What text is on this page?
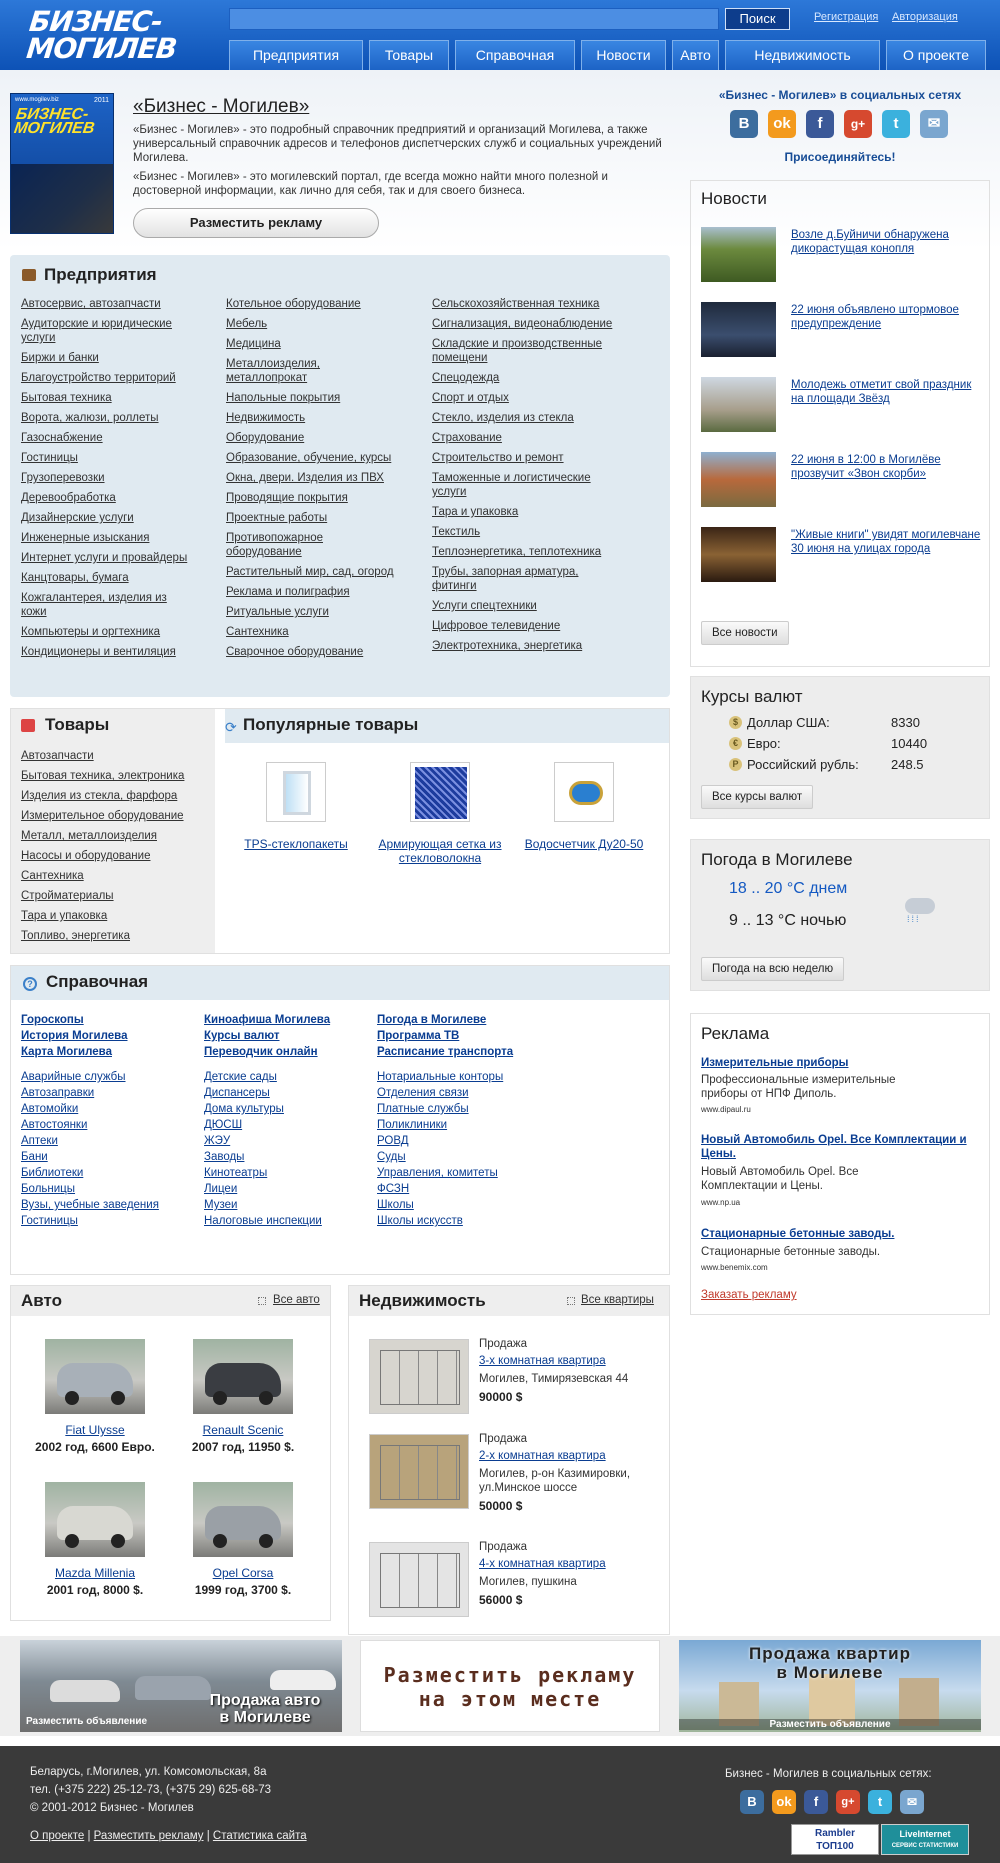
БИЗНЕС-
МОГИЛЕВ
Поиск	Регистрация Авторизация
Предприятия	Товары	Справочная	Новости	Авто	Недвижимость	О проекте
2011
www.mogilev.biz
БИЗНЕС-
МОГИЛЕВ
«Бизнес - Могилев»
«Бизнес - Могилев» - это подробный справочник предприятий и организаций Могилева, а также универсальный справочник адресов и телефонов диспетчерских служб и социальных учреждений Могилева.
«Бизнес - Могилев» - это могилевский портал, где всегда можно найти много полезной и достоверной информации, как лично для себя, так и для своего бизнеса.
Разместить рекламу
«Бизнес - Могилев» в социальных сетях
В	ok	f	g+	t	✉
Присоединяйтесь!
Предприятия
Автосервис, автозапчасти
Аудиторские и юридические услуги
Биржи и банки
Благоустройство территорий
Бытовая техника
Ворота, жалюзи, роллеты
Газоснабжение
Гостиницы
Грузоперевозки
Деревообработка
Дизайнерские услуги
Инженерные изыскания
Интернет услуги и провайдеры
Канцтовары, бумага
Кожгалантерея, изделия из кожи
Компьютеры и оргтехника
Кондиционеры и вентиляция
Котельное оборудование
Мебель
Медицина
Металлоизделия, металлопрокат
Напольные покрытия
Недвижимость
Оборудование
Образование, обучение, курсы
Окна, двери. Изделия из ПВХ
Проводящие покрытия
Проектные работы
Противопожарное оборудование
Растительный мир, сад, огород
Реклама и полиграфия
Ритуальные услуги
Сантехника
Сварочное оборудование
Сельскохозяйственная техника
Сигнализация, видеонаблюдение
Складские и производственные помещени
Спецодежда
Спорт и отдых
Стекло, изделия из стекла
Страхование
Строительство и ремонт
Таможенные и логистические услуги
Тара и упаковка
Текстиль
Теплоэнергетика, теплотехника
Трубы, запорная арматура, фитинги
Услуги спецтехники
Цифровое телевидение
Электротехника, энергетика
Товары
Автозапчасти
Бытовая техника, электроника
Изделия из стекла, фарфора
Измерительное оборудование
Металл, металлоизделия
Насосы и оборудование
Сантехника
Стройматериалы
Тара и упаковка
Топливо, энергетика
⟳ Популярные товары
TPS-стеклопакеты	Армирующая сетка из стекловолокна
Водосчетчик Ду20-50
? Справочная
Гороскопы
История Могилева
Карта Могилева
Киноафиша Могилева
Курсы валют
Переводчик онлайн
Погода в Могилеве
Программа ТВ
Расписание транспорта
Аварийные службы
Автозаправки
Автомойки
Автостоянки
Аптеки
Бани
Библиотеки
Больницы
Вузы, учебные заведения
Гостиницы
Детские сады
Диспансеры
Дома культуры
ДЮСШ
ЖЭУ
Заводы
Кинотеатры
Лицеи
Музеи
Налоговые инспекции
Нотариальные конторы
Отделения связи
Платные службы
Поликлиники
РОВД
Суды
Управления, комитеты
ФСЗН
Школы
Школы искусств
Авто	Все авто
Fiat Ulysse
2002 год, 6600 Евро.
Renault Scenic
2007 год, 11950 $.
Mazda Millenia
2001 год, 8000 $.
Opel Corsa
1999 год, 3700 $.
Недвижимость	Все квартиры
Продажа
3-х комнатная квартира
Могилев, Тимирязевская 44
90000 $
Продажа
2-х комнатная квартира
Могилев, р-он Казимировки, ул.Минское шоссе
50000 $
Продажа
4-х комнатная квартира
Могилев, пушкина
56000 $
Новости
Возле д.Буйничи обнаружена дикорастущая конопля
22 июня объявлено штормовое предупреждение
Молодежь отметит свой праздник на площади Звёзд
22 июня в 12:00 в Могилёве прозвучит «Звон скорби»
"Живые книги" увидят могилевчане 30 июня на улицах города
Все новости
Курсы валют
$ Доллар США:	8330
€ Евро:	10440
P Российский рубль: 248.5
Все курсы валют
Погода в Могилеве
18 .. 20 °C днем
9 .. 13 °C ночью	⁞⁞⁞
Погода на всю неделю
Реклама
Измерительные приборы
Профессиональные измерительные приборы от НПФ Диполь.
www.dipaul.ru
Новый Автомобиль Opel. Все Комплектации и Цены.
Новый Автомобиль Opel. Все Комплектации и Цены.
www.np.ua
Стационарные бетонные заводы.
Стационарные бетонные заводы.
www.benemix.com
Заказать рекламу
Разместить объявление
Продажа авто
в Могилеве
Разместить рекламу
на этом месте
Продажа квартир
в Могилеве
Разместить объявление
Беларусь, г.Могилев, ул. Комсомольская, 8а
тел. (+375 222) 25-12-73, (+375 29) 625-68-73
© 2001-2012 Бизнес - Могилев
О проекте | Разместить рекламу | Статистика сайта
Бизнес - Могилев в социальных сетях:
В	ok	f	g+	t	✉
Rambler
ТОП100
LiveInternet
СЕРВИС СТАТИСТИКИ
